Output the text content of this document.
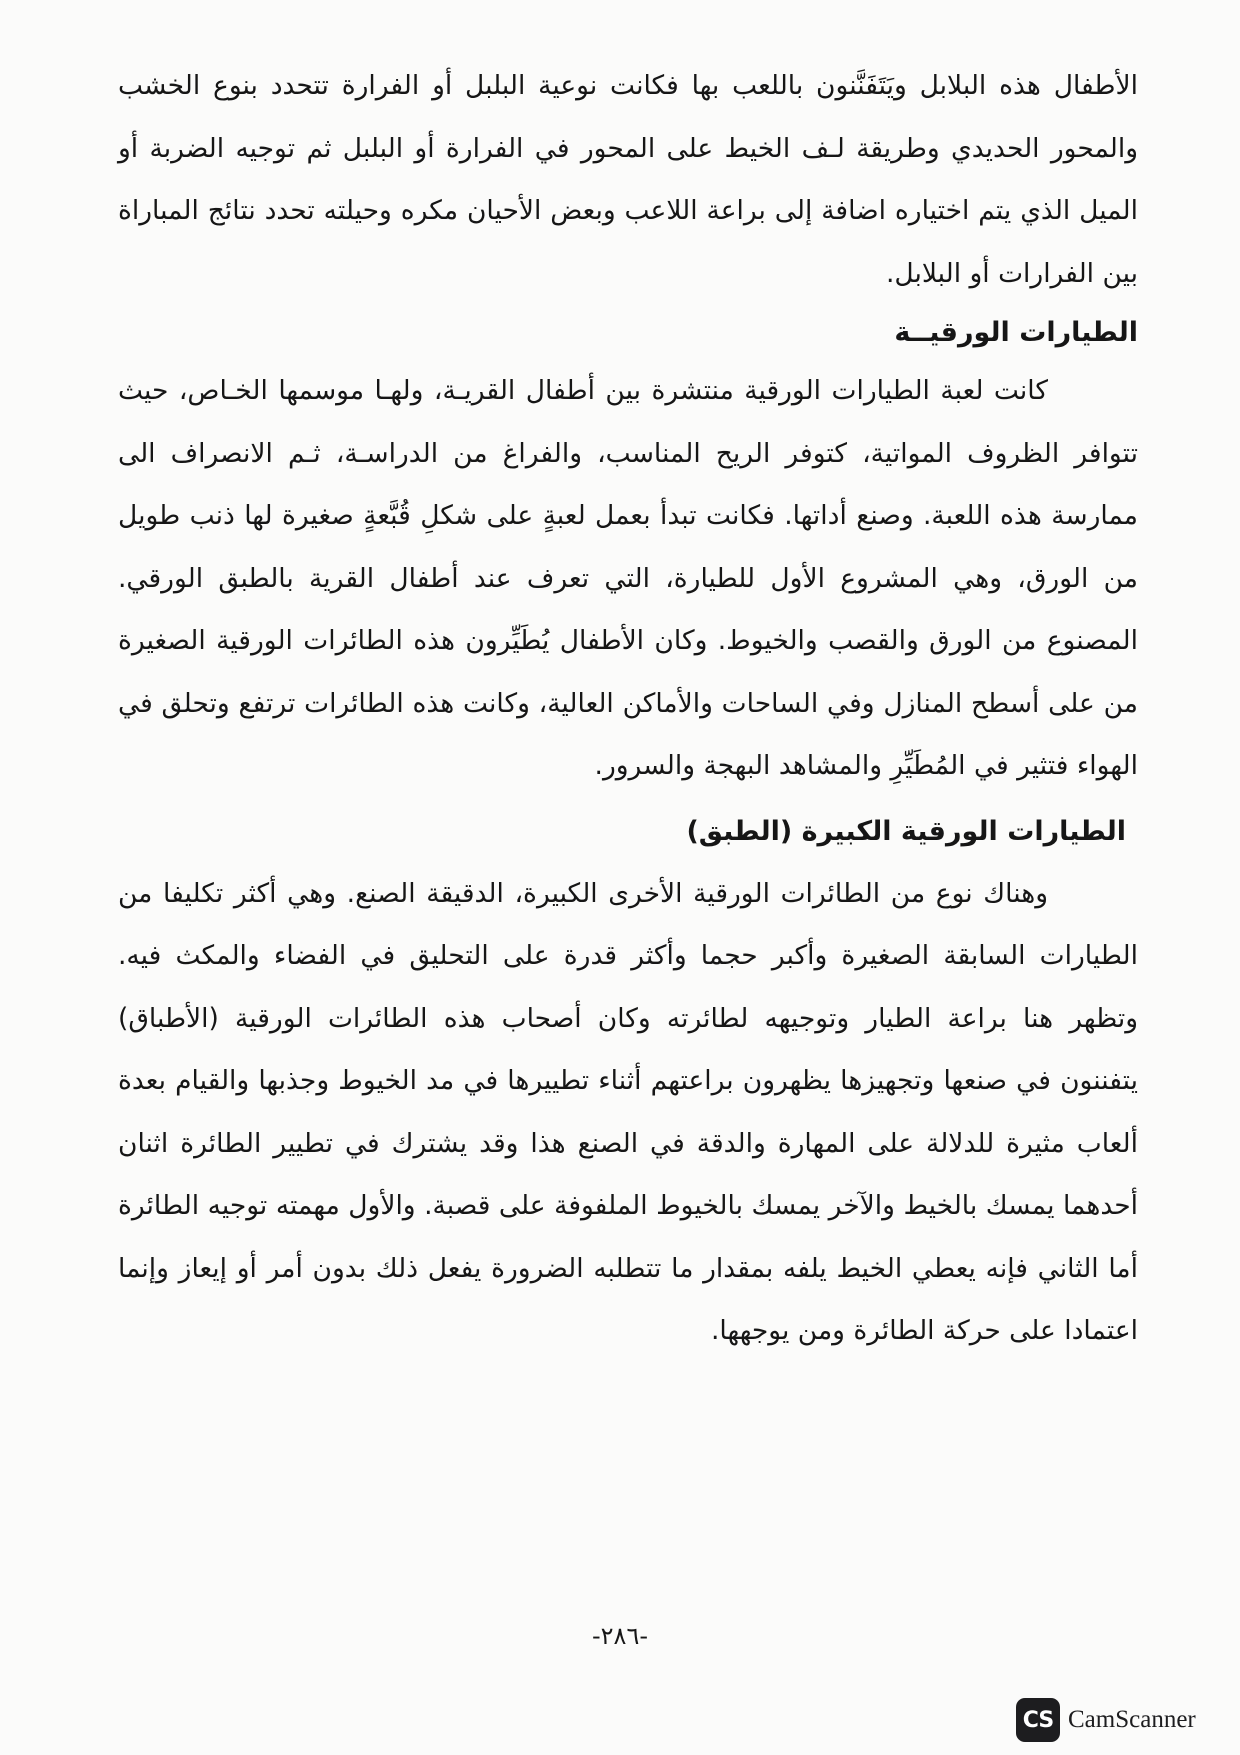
الأطفال هذه البلابل ويَتَفَنَّنون باللعب بها فكانت نوعية البلبل أو الفرارة تتحدد بنوع الخشب والمحور الحديدي وطريقة لـف الخيط على المحور في الفرارة أو البلبل ثم توجيه الضربة أو الميل الذي يتم اختياره اضافة إلى براعة اللاعب وبعض الأحيان مكره وحيلته تحدد نتائج المباراة بين الفرارات أو البلابل.

الطيارات الورقيــة

كانت لعبة الطيارات الورقية منتشرة بين أطفال القريـة، ولهـا موسمها الخـاص، حيث تتوافر الظروف المواتية، كتوفر الريح المناسب، والفراغ من الدراسـة، ثـم الانصراف الى ممارسة هذه اللعبة. وصنع أداتها. فكانت تبدأ بعمل لعبةٍ على شكلِ قُبَّعةٍ صغيرة لها ذنب طويل من الورق، وهي المشروع الأول للطيارة، التي تعرف عند أطفال القرية بالطبق الورقي. المصنوع من الورق والقصب والخيوط. وكان الأطفال يُطَيِّرون هذه الطائرات الورقية الصغيرة من على أسطح المنازل وفي الساحات والأماكن العالية، وكانت هذه الطائرات ترتفع وتحلق في الهواء فتثير في المُطَيِّرِ والمشاهد البهجة والسرور.

الطيارات الورقية الكبيرة (الطبق)

وهناك نوع من الطائرات الورقية الأخرى الكبيرة، الدقيقة الصنع. وهي أكثر تكليفا من الطيارات السابقة الصغيرة وأكبر حجما وأكثر قدرة على التحليق في الفضاء والمكث فيه. وتظهر هنا براعة الطيار وتوجيهه لطائرته وكان أصحاب هذه الطائرات الورقية (الأطباق) يتفننون في صنعها وتجهيزها يظهرون براعتهم أثناء تطييرها في مد الخيوط وجذبها والقيام بعدة ألعاب مثيرة للدلالة على المهارة والدقة في الصنع هذا وقد يشترك في تطيير الطائرة اثنان أحدهما يمسك بالخيط والآخر يمسك بالخيوط الملفوفة على قصبة. والأول مهمته توجيه الطائرة أما الثاني فإنه يعطي الخيط يلفه بمقدار ما تتطلبه الضرورة يفعل ذلك بدون أمر أو إيعاز وإنما اعتمادا على حركة الطائرة ومن يوجهها.

-٢٨٦-
CS CamScanner
